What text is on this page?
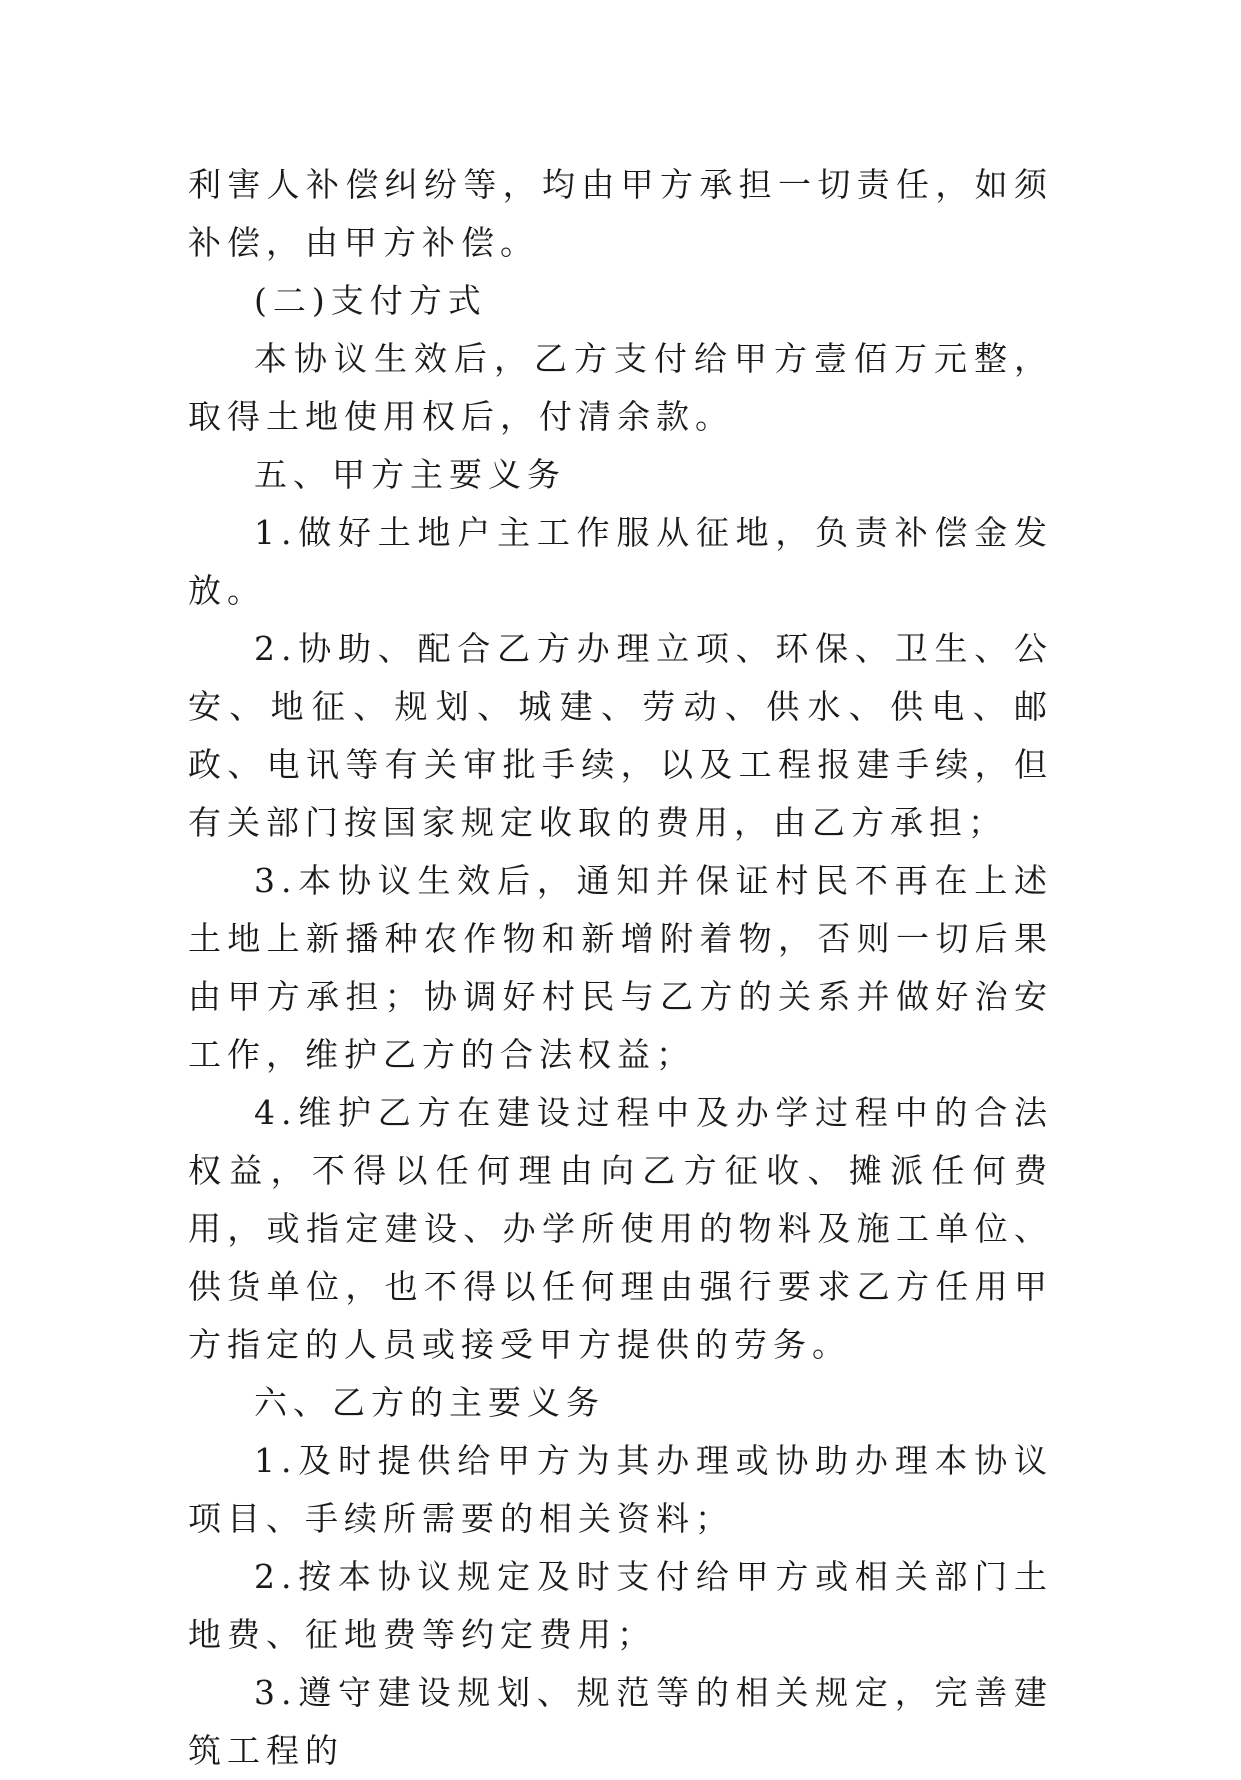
利害人补偿纠纷等，均由甲方承担一切责任，如须补偿，由甲方补偿。

(二)支付方式

本协议生效后，乙方支付给甲方壹佰万元整，取得土地使用权后，付清余款。

五、甲方主要义务

1.做好土地户主工作服从征地，负责补偿金发放。

2.协助、配合乙方办理立项、环保、卫生、公安、地征、规划、城建、劳动、供水、供电、邮政、电讯等有关审批手续，以及工程报建手续，但有关部门按国家规定收取的费用，由乙方承担；

3.本协议生效后，通知并保证村民不再在上述土地上新播种农作物和新增附着物，否则一切后果由甲方承担；协调好村民与乙方的关系并做好治安工作，维护乙方的合法权益；

4.维护乙方在建设过程中及办学过程中的合法权益，不得以任何理由向乙方征收、摊派任何费用，或指定建设、办学所使用的物料及施工单位、供货单位，也不得以任何理由强行要求乙方任用甲方指定的人员或接受甲方提供的劳务。

六、乙方的主要义务

1.及时提供给甲方为其办理或协助办理本协议项目、手续所需要的相关资料；

2.按本协议规定及时支付给甲方或相关部门土地费、征地费等约定费用；

3.遵守建设规划、规范等的相关规定，完善建筑工程的
